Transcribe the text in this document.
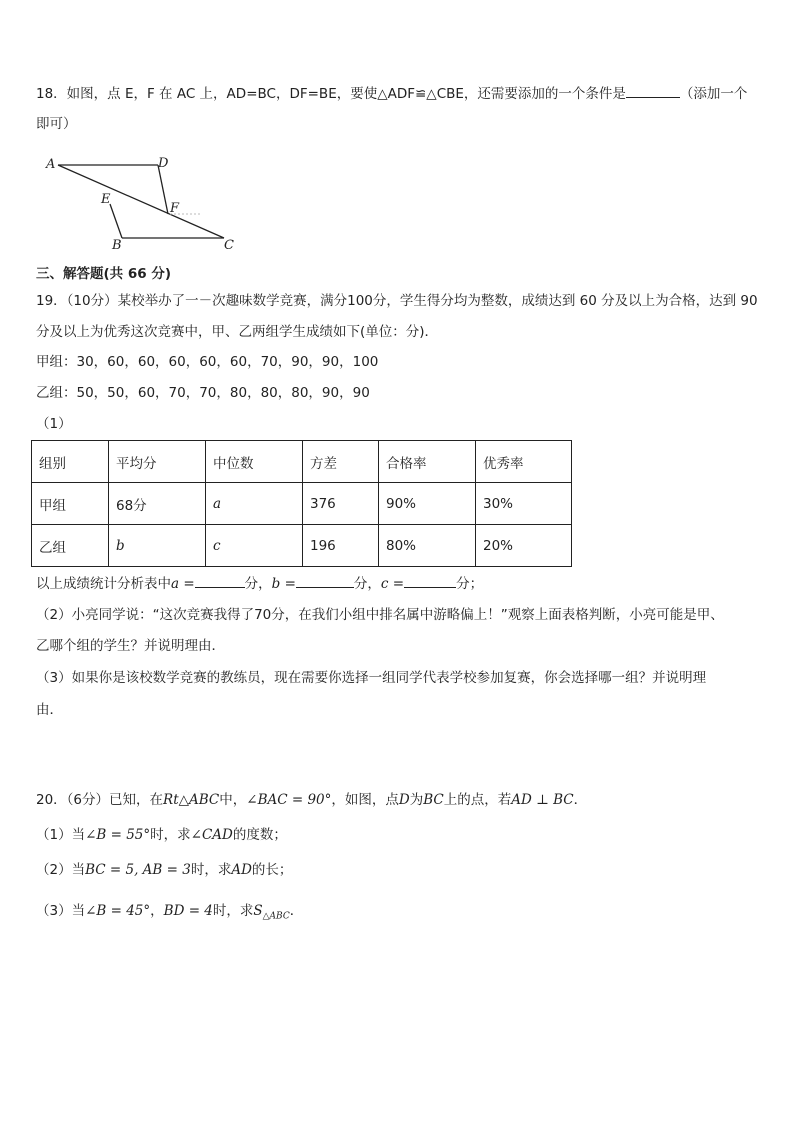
18．如图，点 E，F 在 AC 上，AD=BC，DF=BE，要使△ADF≌△CBE，还需要添加的一个条件是	（添加一个
即可）
A	D
E
F
B	C
三、解答题(共 66 分)
19．（10分）某校举办了一－次趣味数学竞赛，满分100分，学生得分均为整数，成绩达到 60 分及以上为合格，达到 90
分及以上为优秀这次竞赛中，甲、乙两组学生成绩如下(单位：分)．
甲组：30，60，60，60，60，60，70，90，90，100
乙组：50，50，60，70，70，80，80，80，90，90
（1）
组别	平均分	中位数	方差	合格率	优秀率
甲组	68分	a	376	90%	30%
乙组	b	c	196	80%	20%
以上成绩统计分析表中a =	分，b =	分，c =	分；
（2）小亮同学说：“这次竞赛我得了70分，在我们小组中排名属中游略偏上！”观察上面表格判断，小亮可能是甲、
乙哪个组的学生？并说明理由．
（3）如果你是该校数学竞赛的教练员，现在需要你选择一组同学代表学校参加复赛，你会选择哪一组？并说明理
由．
20．（6分）已知，在Rt△ABC中，∠BAC = 90°，如图，点D为BC上的点，若AD ⊥ BC．
（1）当∠B = 55°时，求∠CAD的度数；
（2）当BC = 5, AB = 3时，求AD的长；
（3）当∠B = 45°，BD = 4时，求$S_{\triangle ABC}$．
